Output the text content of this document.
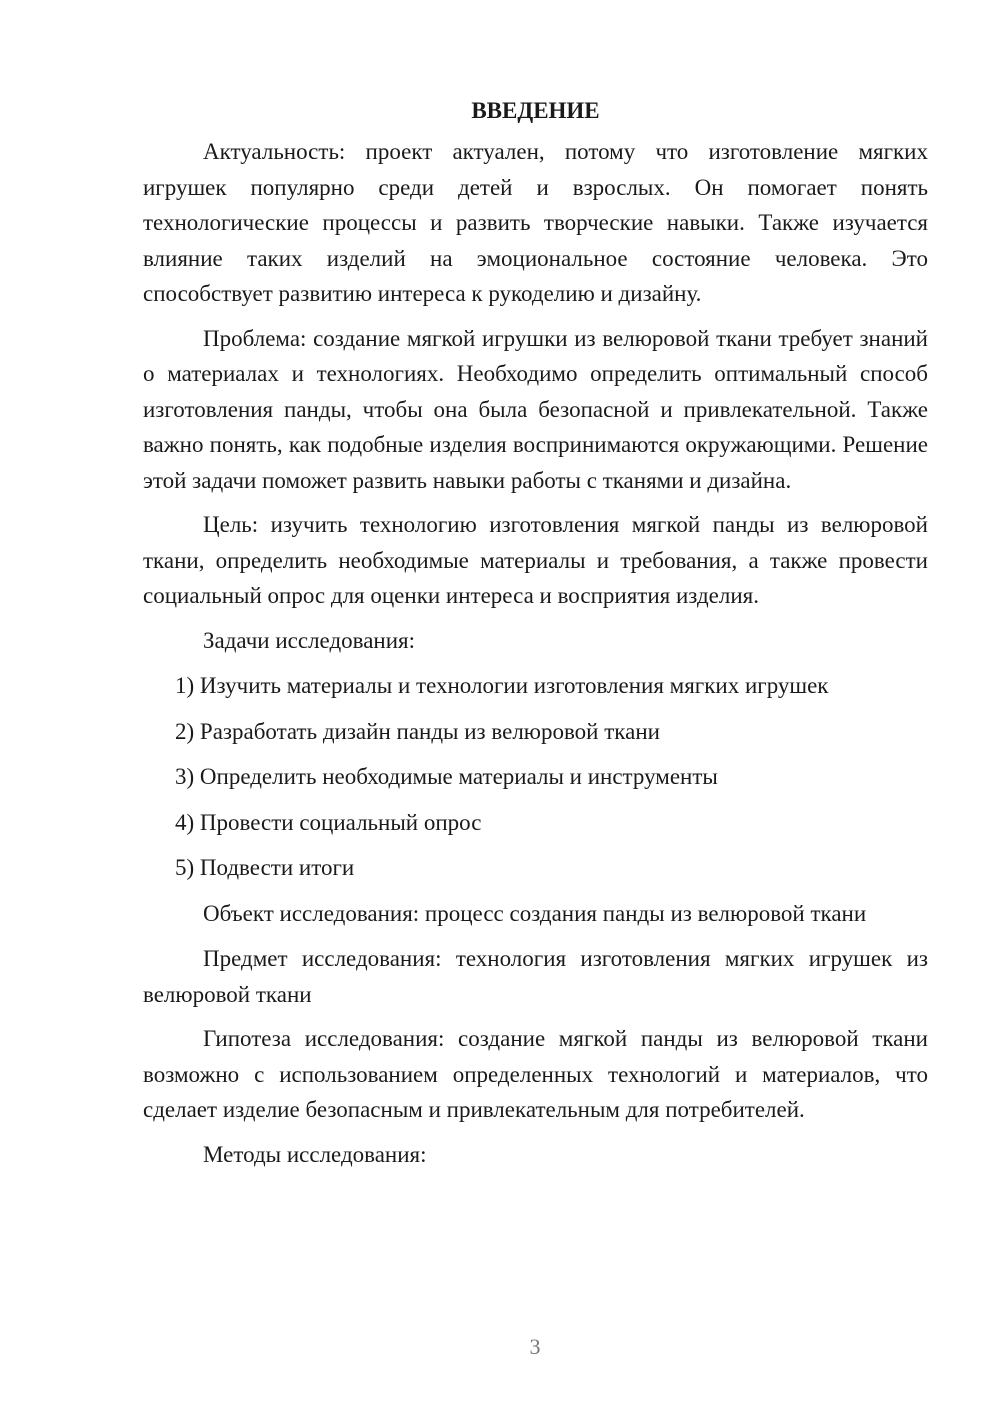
ВВЕДЕНИЕ

Актуальность: проект актуален, потому что изготовление мягких игрушек популярно среди детей и взрослых. Он помогает понять технологические процессы и развить творческие навыки. Также изучается влияние таких изделий на эмоциональное состояние человека. Это способствует развитию интереса к рукоделию и дизайну.

Проблема: создание мягкой игрушки из велюровой ткани требует знаний о материалах и технологиях. Необходимо определить оптимальный способ изготовления панды, чтобы она была безопасной и привлекательной. Также важно понять, как подобные изделия воспринимаются окружающими. Решение этой задачи поможет развить навыки работы с тканями и дизайна.

Цель: изучить технологию изготовления мягкой панды из велюровой ткани, определить необходимые материалы и требования, а также провести социальный опрос для оценки интереса и восприятия изделия.

Задачи исследования:
1) Изучить материалы и технологии изготовления мягких игрушек
2) Разработать дизайн панды из велюровой ткани
3) Определить необходимые материалы и инструменты
4) Провести социальный опрос
5) Подвести итоги
Объект исследования: процесс создания панды из велюровой ткани

Предмет исследования: технология изготовления мягких игрушек из велюровой ткани

Гипотеза исследования: создание мягкой панды из велюровой ткани возможно с использованием определенных технологий и материалов, что сделает изделие безопасным и привлекательным для потребителей.

Методы исследования:
3
